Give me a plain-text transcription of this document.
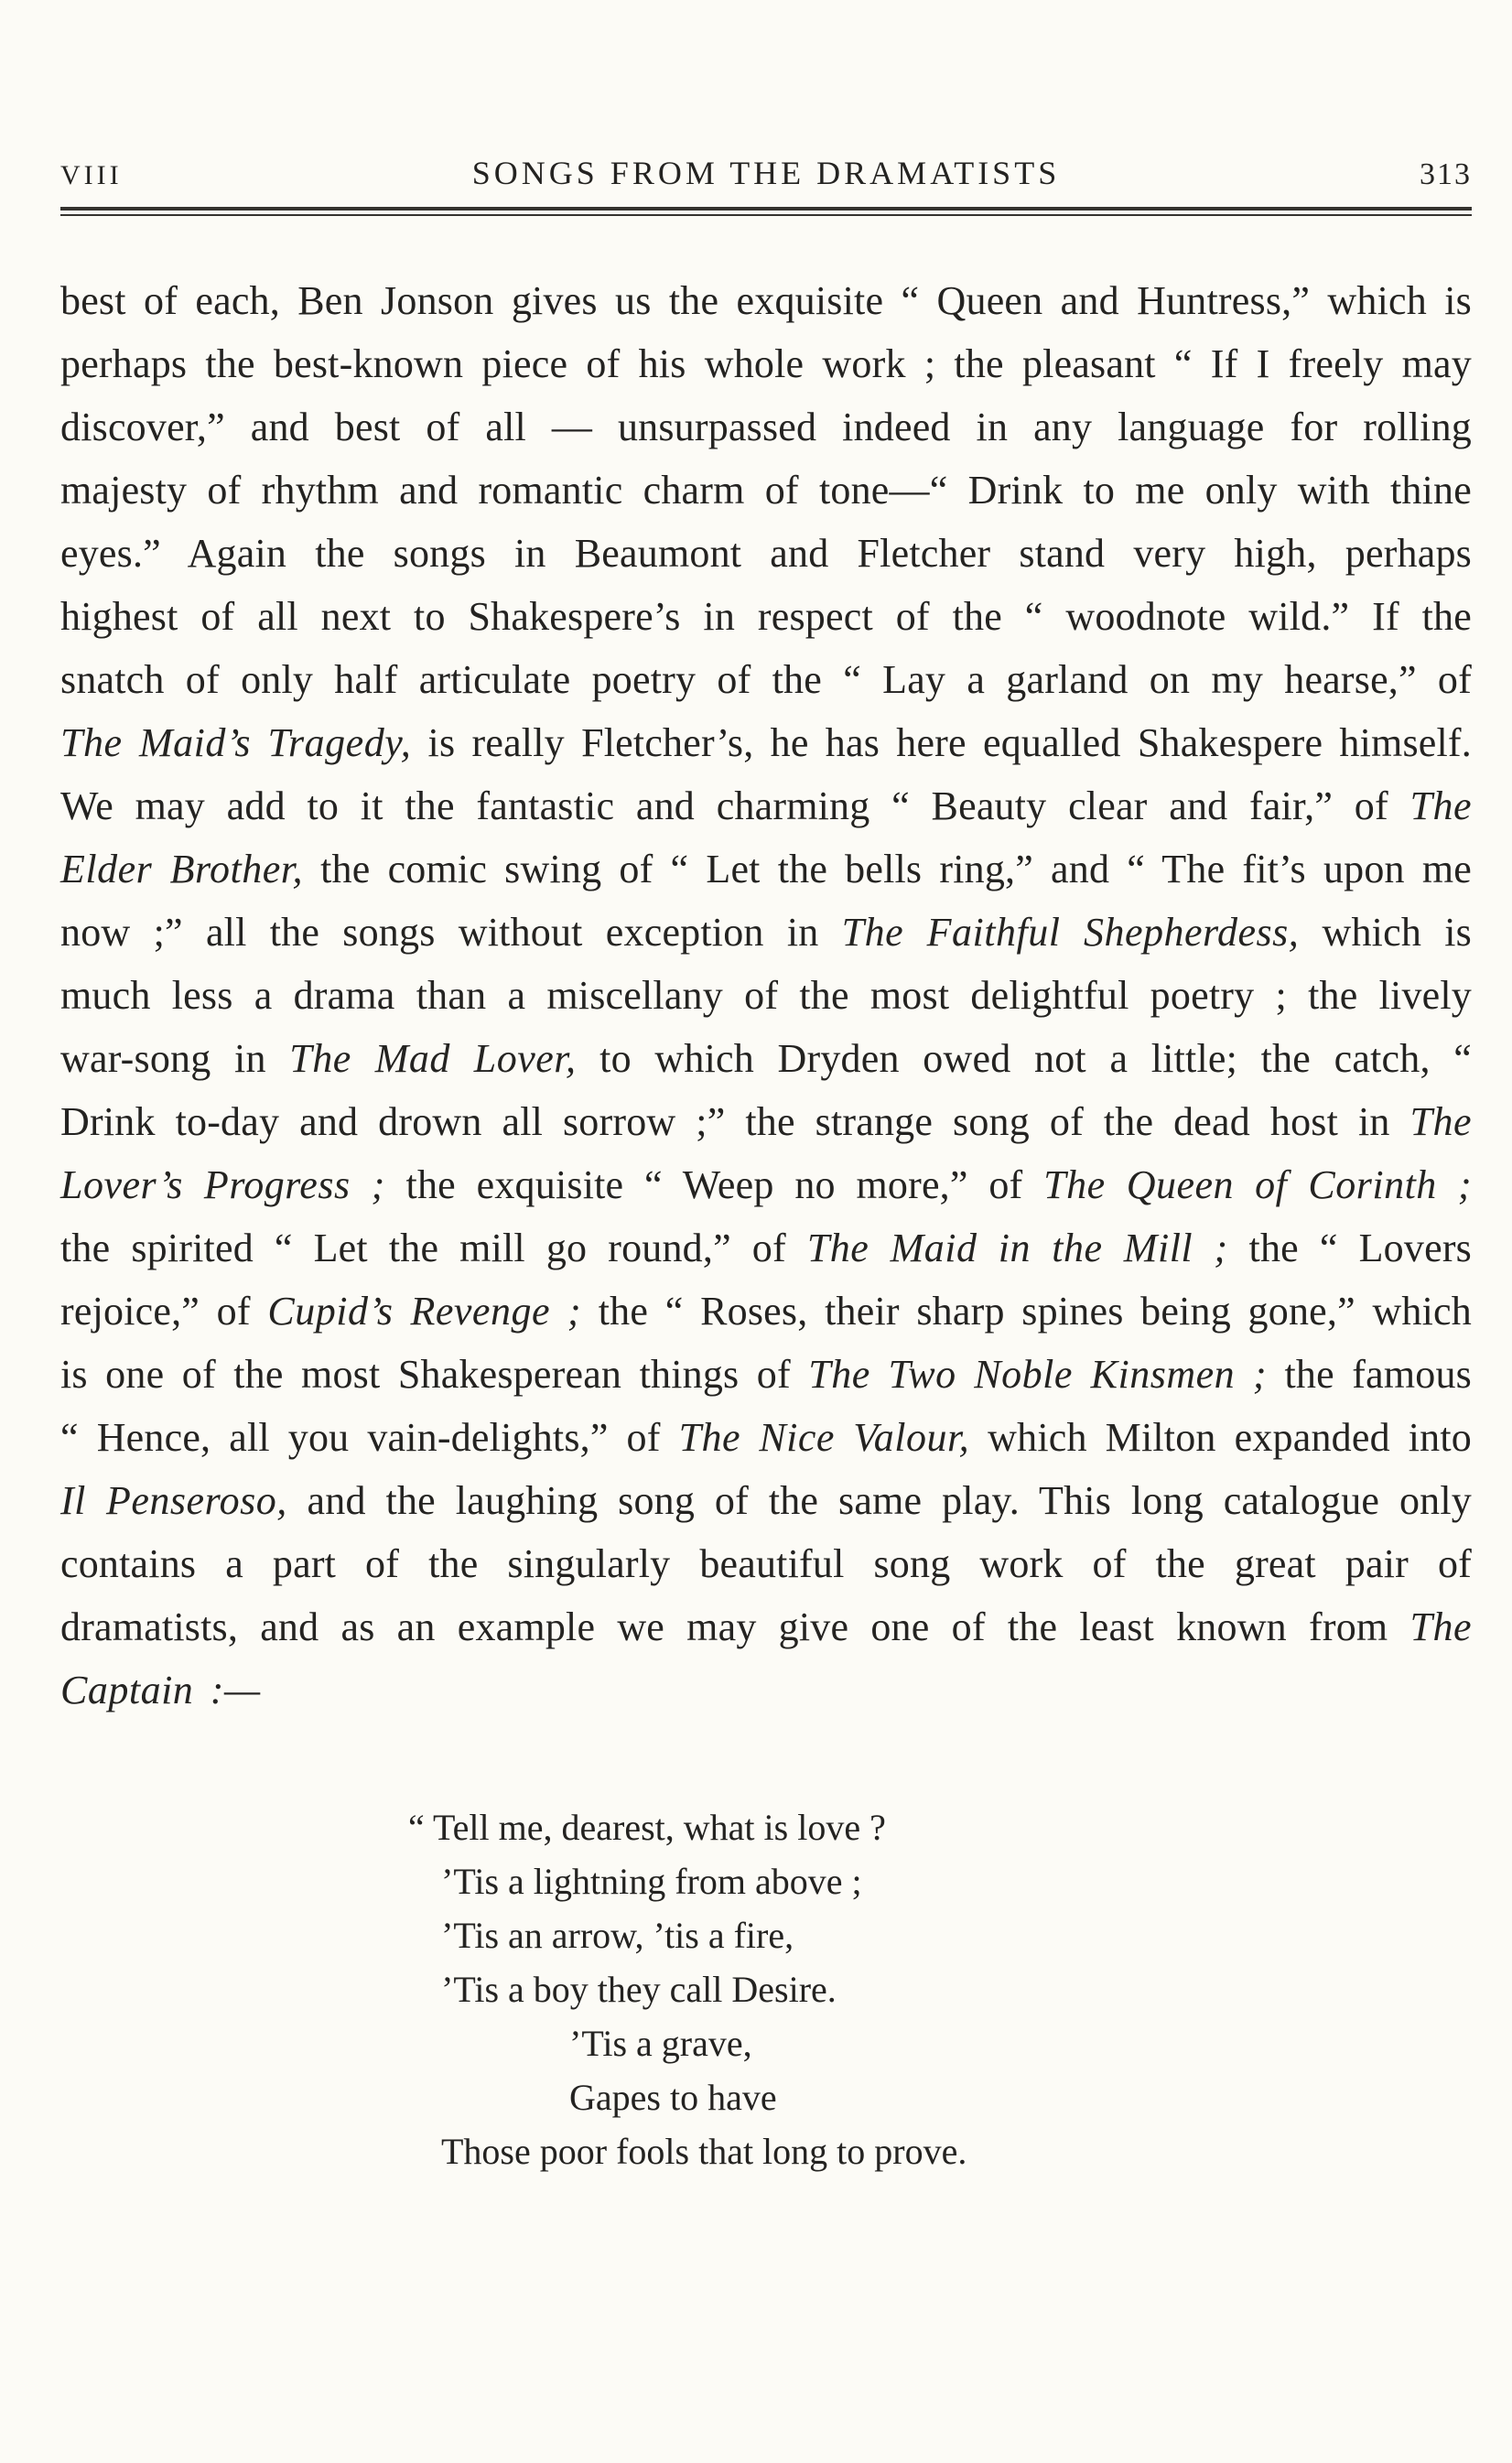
VIII	SONGS FROM THE DRAMATISTS	313

best of each, Ben Jonson gives us the exquisite “ Queen and Huntress,” which is perhaps the best-known piece of his whole work ; the pleasant “ If I freely may discover,” and best of all — unsurpassed indeed in any language for rolling majesty of rhythm and romantic charm of tone—“ Drink to me only with thine eyes.” Again the songs in Beaumont and Fletcher stand very high, perhaps highest of all next to Shakespere’s in respect of the “ woodnote wild.” If the snatch of only half articulate poetry of the “ Lay a garland on my hearse,” of The Maid’s Tragedy, is really Fletcher’s, he has here equalled Shakespere himself. We may add to it the fantastic and charming “ Beauty clear and fair,” of The Elder Brother, the comic swing of “ Let the bells ring,” and “ The fit’s upon me now ;” all the songs without exception in The Faithful Shepherdess, which is much less a drama than a miscellany of the most delightful poetry ; the lively war-song in The Mad Lover, to which Dryden owed not a little; the catch, “ Drink to-day and drown all sorrow ;” the strange song of the dead host in The Lover’s Progress ; the exquisite “ Weep no more,” of The Queen of Corinth ; the spirited “ Let the mill go round,” of The Maid in the Mill ; the “ Lovers rejoice,” of Cupid’s Revenge ; the “ Roses, their sharp spines being gone,” which is one of the most Shakesperean things of The Two Noble Kinsmen ; the famous “ Hence, all you vain-delights,” of The Nice Valour, which Milton expanded into Il Penseroso, and the laughing song of the same play. This long catalogue only contains a part of the singularly beautiful song work of the great pair of dramatists, and as an example we may give one of the least known from The Captain :—

“ Tell me, dearest, what is love ?
’Tis a lightning from above ;
’Tis an arrow, ’tis a fire,
’Tis a boy they call Desire.
’Tis a grave,
Gapes to have
Those poor fools that long to prove.
